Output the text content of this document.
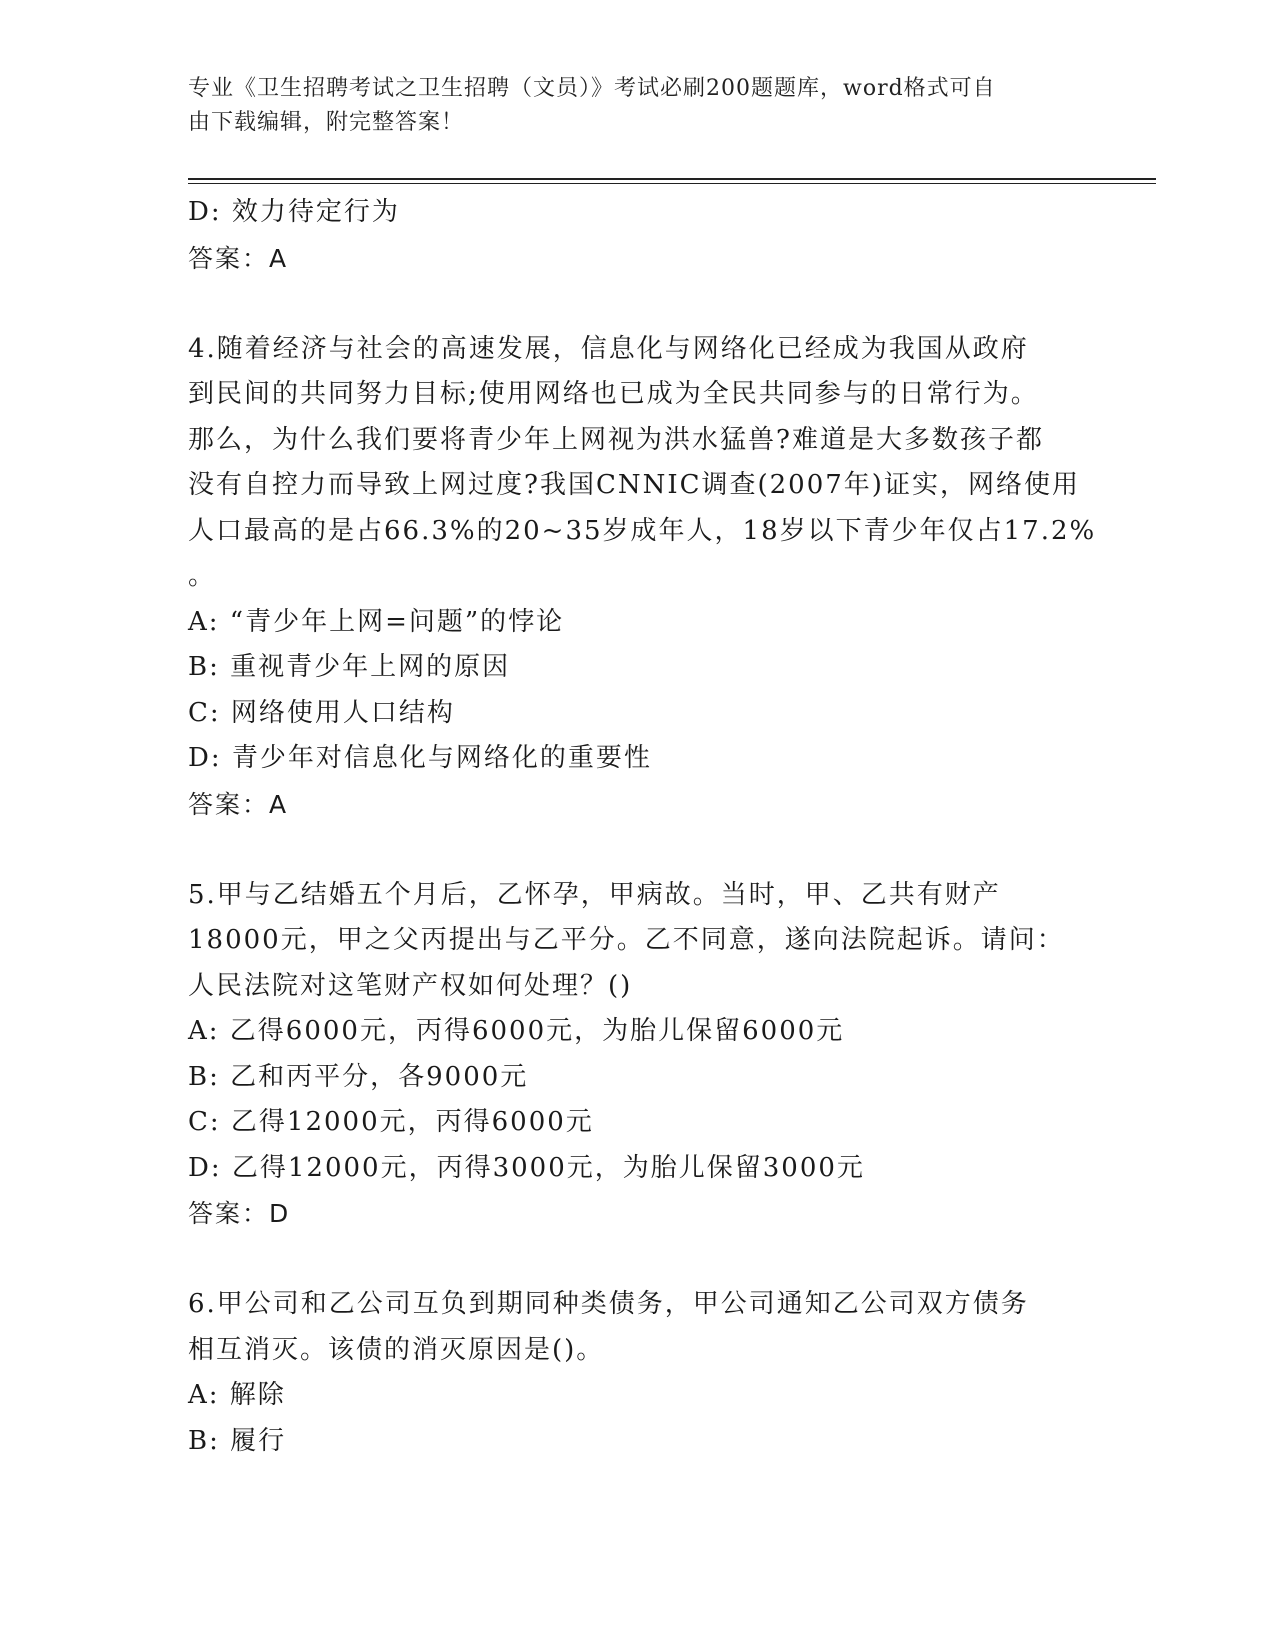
专业《卫生招聘考试之卫生招聘（文员）》考试必刷200题题库，word格式可自
由下载编辑，附完整答案！
D: 效力待定行为
答案：A
4.随着经济与社会的高速发展，信息化与网络化已经成为我国从政府
到民间的共同努力目标;使用网络也已成为全民共同参与的日常行为。
那么，为什么我们要将青少年上网视为洪水猛兽?难道是大多数孩子都
没有自控力而导致上网过度?我国CNNIC调查(2007年)证实，网络使用
人口最高的是占66.3%的20~35岁成年人，18岁以下青少年仅占17.2%
。
A: “青少年上网=问题”的悖论
B: 重视青少年上网的原因
C: 网络使用人口结构
D: 青少年对信息化与网络化的重要性
答案：A
5.甲与乙结婚五个月后，乙怀孕，甲病故。当时，甲、乙共有财产
18000元，甲之父丙提出与乙平分。乙不同意，遂向法院起诉。请问：
人民法院对这笔财产权如何处理？()
A: 乙得6000元，丙得6000元，为胎儿保留6000元
B: 乙和丙平分，各9000元
C: 乙得12000元，丙得6000元
D: 乙得12000元，丙得3000元，为胎儿保留3000元
答案：D
6.甲公司和乙公司互负到期同种类债务，甲公司通知乙公司双方债务
相互消灭。该债的消灭原因是()。
A: 解除
B: 履行
